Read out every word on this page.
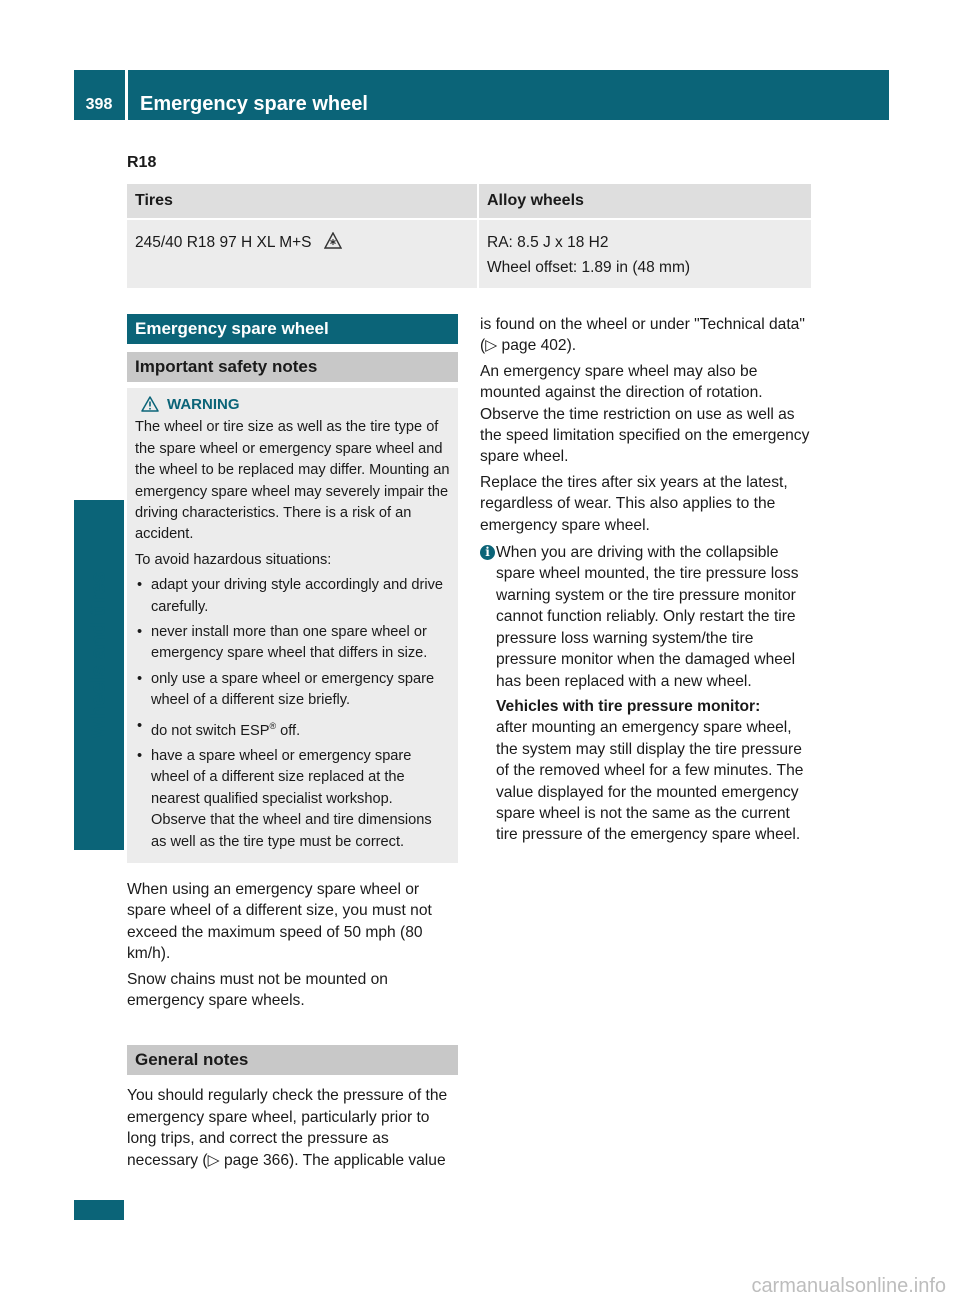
398	Emergency spare wheel
Wheels and tires
R18
Tires	Alloy wheels
245/40 R18 97 H XL M+S	RA: 8.5 J x 18 H2
Wheel offset: 1.89 in (48 mm)
Emergency spare wheel
Important safety notes
WARNING

The wheel or tire size as well as the tire type of the spare wheel or emergency spare wheel and the wheel to be replaced may differ. Mounting an emergency spare wheel may severely impair the driving characteristics. There is a risk of an accident.

To avoid hazardous situations:

• adapt your driving style accordingly and drive carefully.
• never install more than one spare wheel or emergency spare wheel that differs in size.
• only use a spare wheel or emergency spare wheel of a different size briefly.
• do not switch ESP® off.
• have a spare wheel or emergency spare wheel of a different size replaced at the nearest qualified specialist workshop. Observe that the wheel and tire dimensions as well as the tire type must be correct.

When using an emergency spare wheel or spare wheel of a different size, you must not exceed the maximum speed of 50 mph (80 km/h).

Snow chains must not be mounted on emergency spare wheels.

General notes

You should regularly check the pressure of the emergency spare wheel, particularly prior to long trips, and correct the pressure as necessary (▷ page 366). The applicable value

is found on the wheel or under "Technical data" (▷ page 402).

An emergency spare wheel may also be mounted against the direction of rotation. Observe the time restriction on use as well as the speed limitation specified on the emergency spare wheel.

Replace the tires after six years at the latest, regardless of wear. This also applies to the emergency spare wheel.

i When you are driving with the collapsible spare wheel mounted, the tire pressure loss warning system or the tire pressure monitor cannot function reliably. Only restart the tire pressure loss warning system/the tire pressure monitor when the damaged wheel has been replaced with a new wheel.
Vehicles with tire pressure monitor:
after mounting an emergency spare wheel, the system may still display the tire pressure of the removed wheel for a few minutes. The value displayed for the mounted emergency spare wheel is not the same as the current tire pressure of the emergency spare wheel.
carmanualsonline.info
